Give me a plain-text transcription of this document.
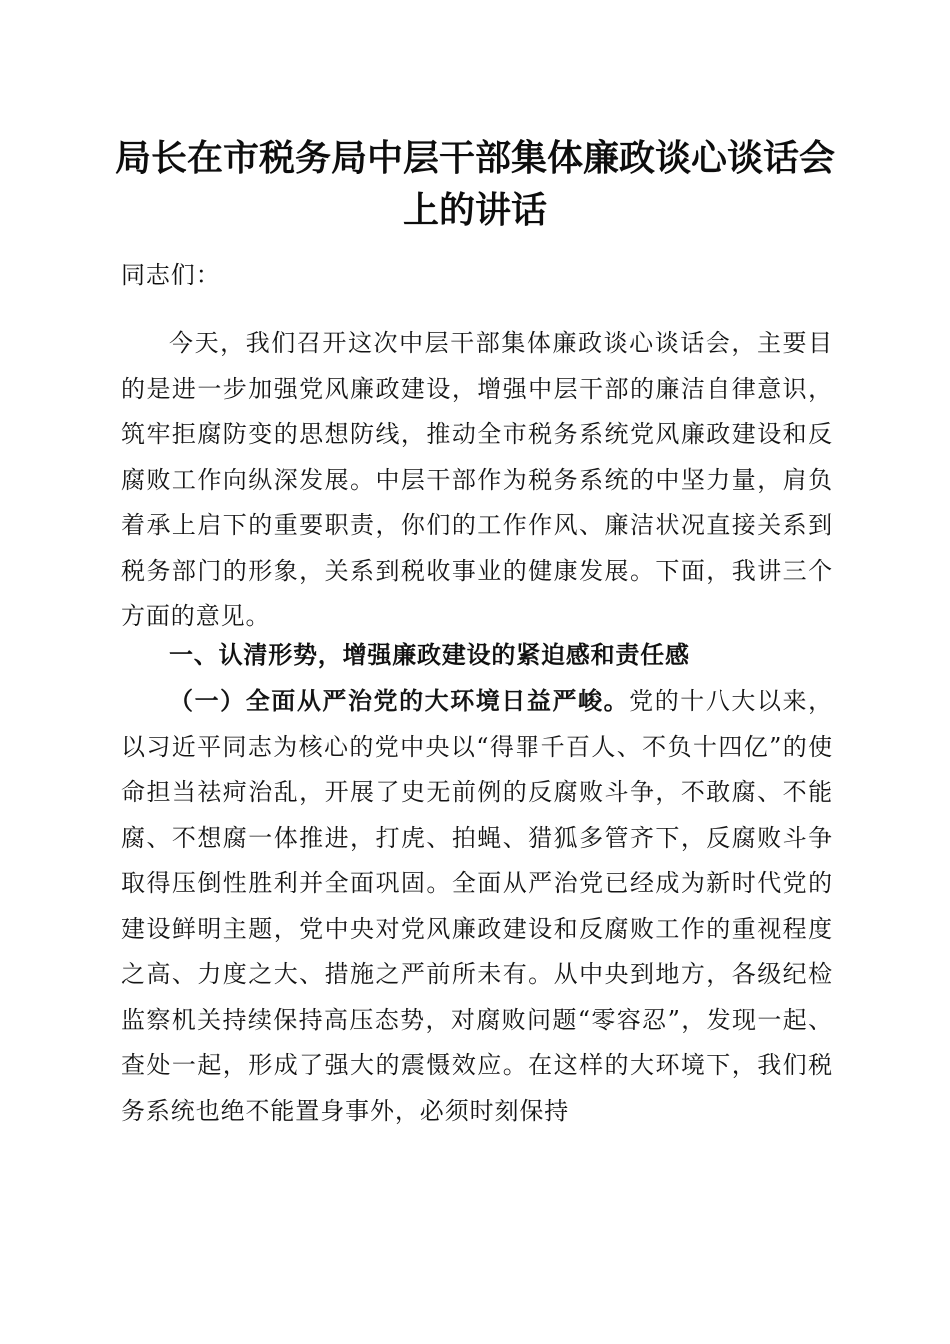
局长在市税务局中层干部集体廉政谈心谈话会
上的讲话

同志们：

今天，我们召开这次中层干部集体廉政谈心谈话会，主要目的是进一步加强党风廉政建设，增强中层干部的廉洁自律意识，筑牢拒腐防变的思想防线，推动全市税务系统党风廉政建设和反腐败工作向纵深发展。中层干部作为税务系统的中坚力量，肩负着承上启下的重要职责，你们的工作作风、廉洁状况直接关系到税务部门的形象，关系到税收事业的健康发展。下面，我讲三个方面的意见。

一、认清形势，增强廉政建设的紧迫感和责任感

（一）全面从严治党的大环境日益严峻。党的十八大以来，以习近平同志为核心的党中央以“得罪千百人、不负十四亿”的使命担当祛疴治乱，开展了史无前例的反腐败斗争，不敢腐、不能腐、不想腐一体推进，打虎、拍蝇、猎狐多管齐下，反腐败斗争取得压倒性胜利并全面巩固。全面从严治党已经成为新时代党的建设鲜明主题，党中央对党风廉政建设和反腐败工作的重视程度之高、力度之大、措施之严前所未有。从中央到地方，各级纪检监察机关持续保持高压态势，对腐败问题“零容忍”，发现一起、查处一起，形成了强大的震慑效应。在这样的大环境下，我们税务系统也绝不能置身事外，必须时刻保持
